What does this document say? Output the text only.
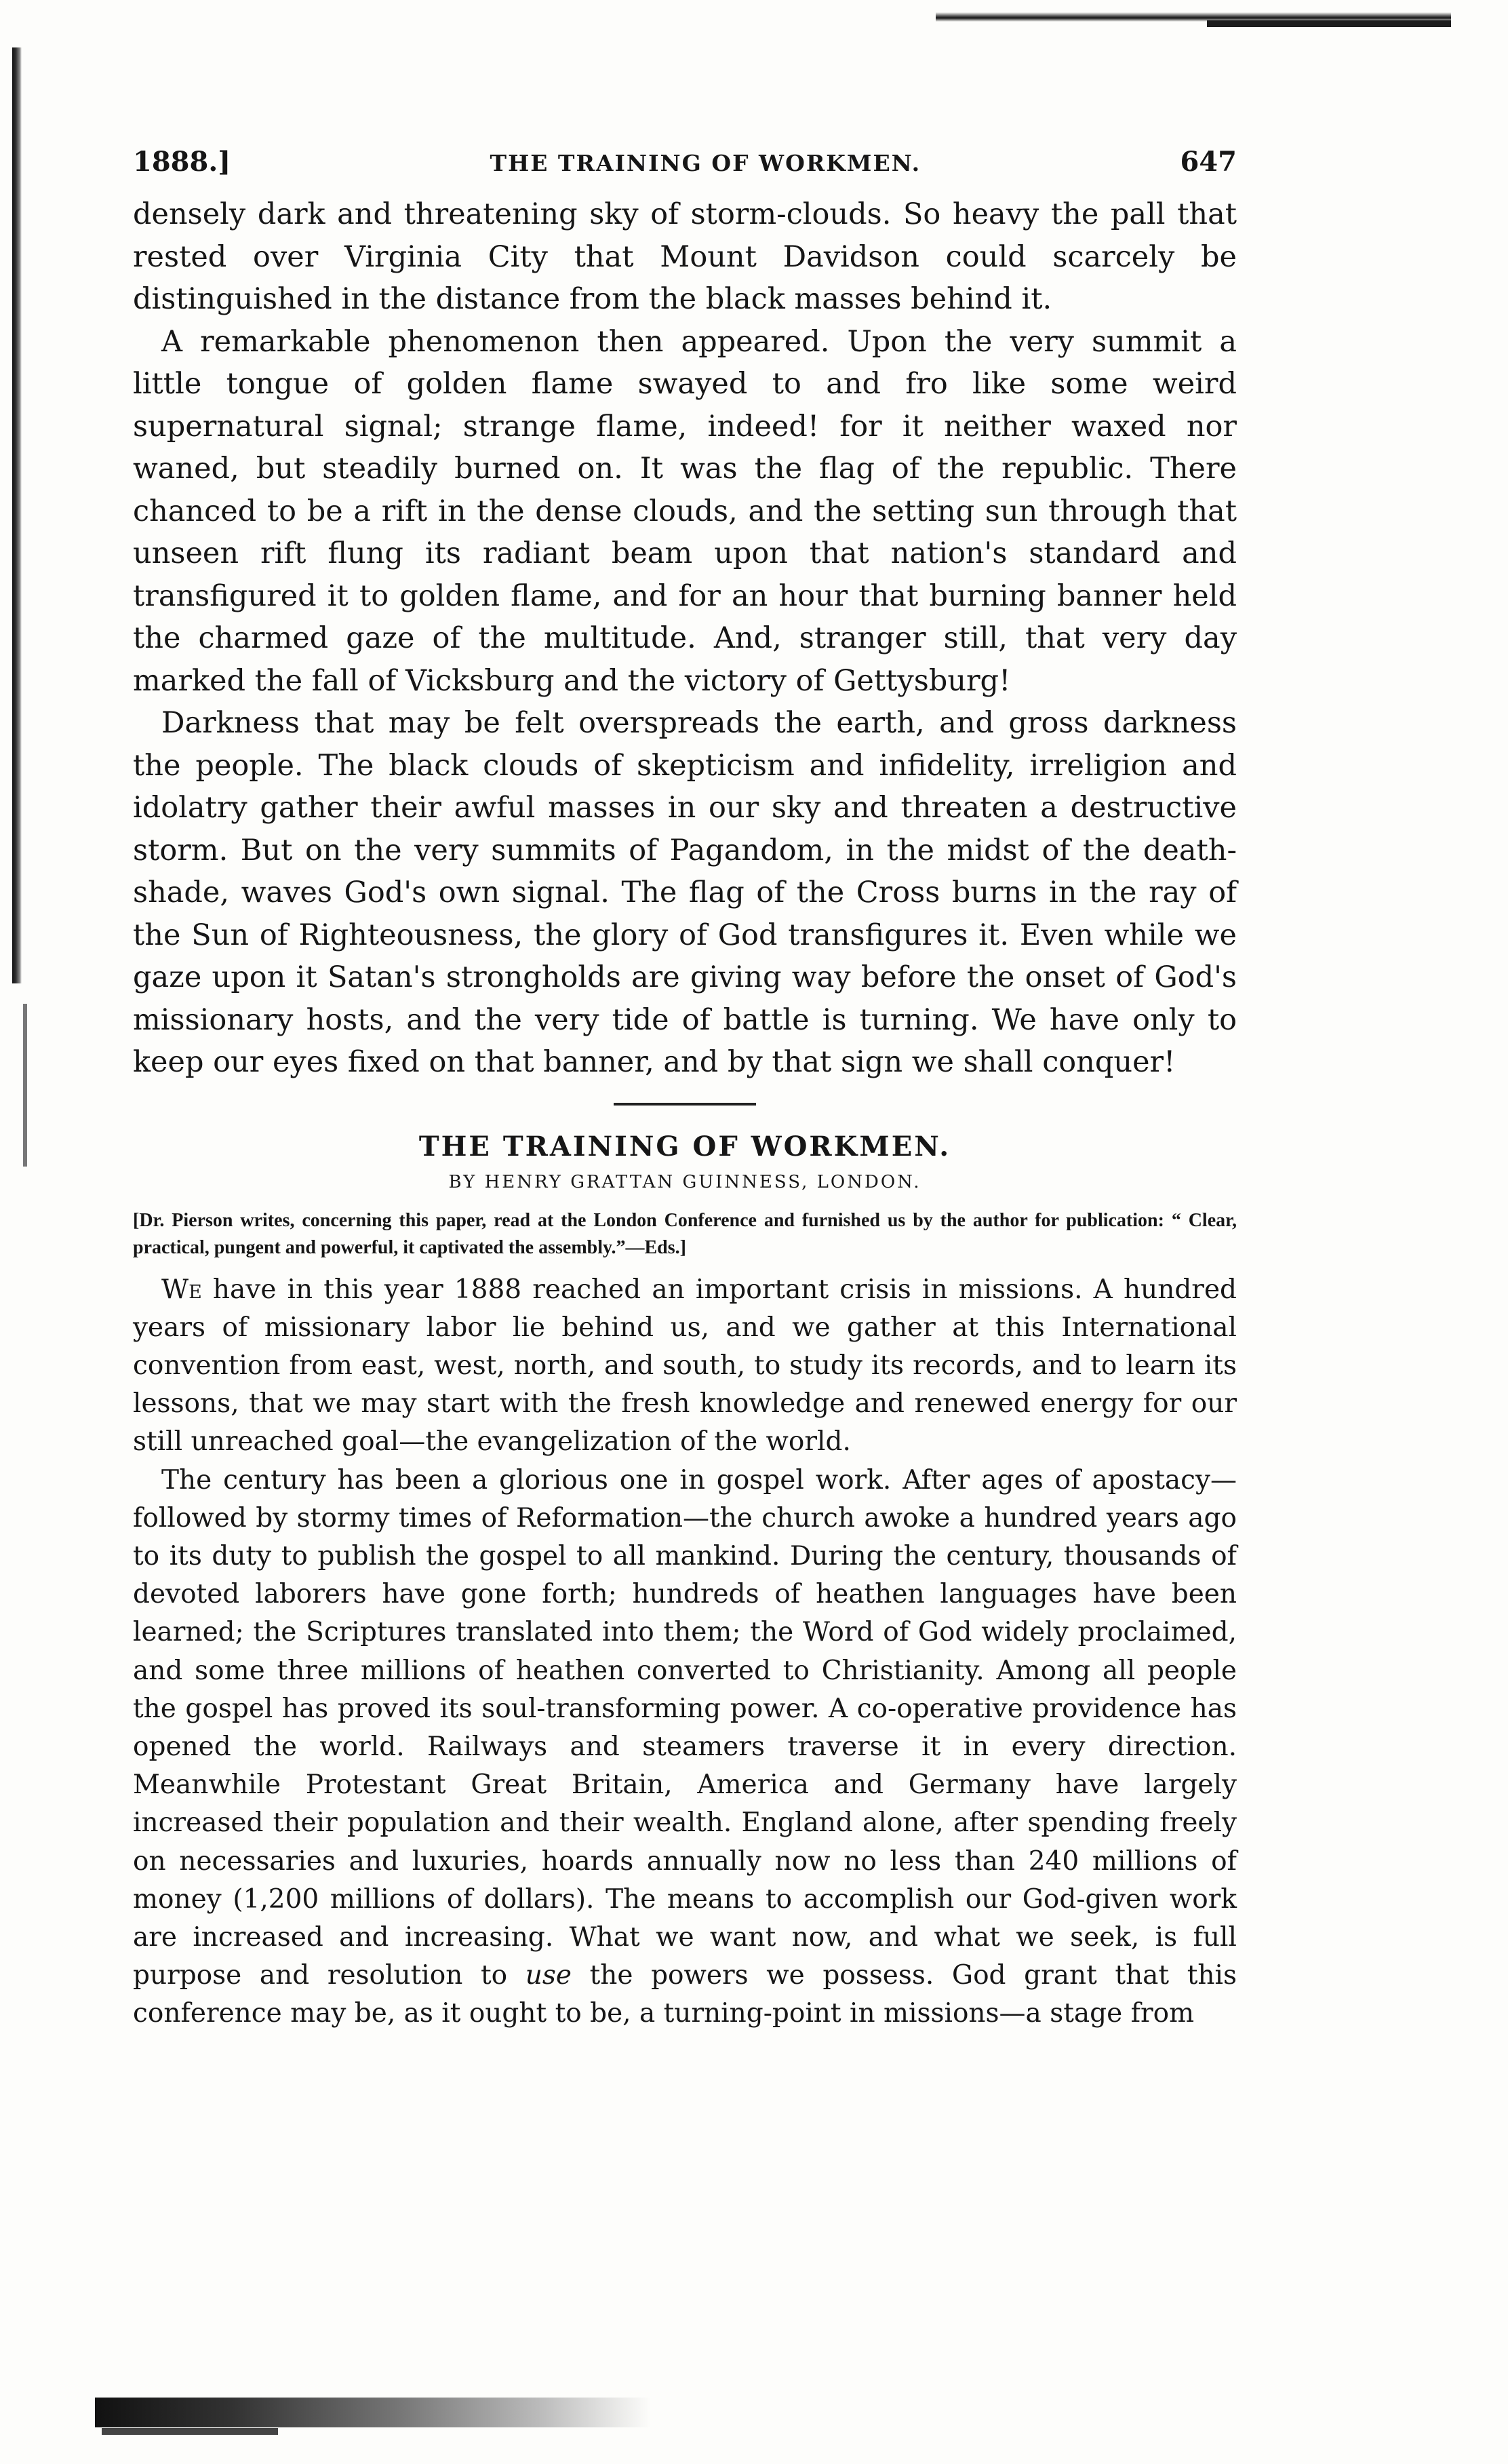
1888.]	THE TRAINING OF WORKMEN.	647

densely dark and threatening sky of storm-clouds. So heavy the pall that rested over Virginia City that Mount Davidson could scarcely be distinguished in the distance from the black masses behind it.

A remarkable phenomenon then appeared. Upon the very summit a little tongue of golden flame swayed to and fro like some weird supernatural signal; strange flame, indeed! for it neither waxed nor waned, but steadily burned on. It was the flag of the republic. There chanced to be a rift in the dense clouds, and the setting sun through that unseen rift flung its radiant beam upon that nation's standard and transfigured it to golden flame, and for an hour that burning banner held the charmed gaze of the multitude. And, stranger still, that very day marked the fall of Vicksburg and the victory of Gettysburg!

Darkness that may be felt overspreads the earth, and gross darkness the people. The black clouds of skepticism and infidelity, irreligion and idolatry gather their awful masses in our sky and threaten a destructive storm. But on the very summits of Pagandom, in the midst of the death-shade, waves God's own signal. The flag of the Cross burns in the ray of the Sun of Righteousness, the glory of God transfigures it. Even while we gaze upon it Satan's strongholds are giving way before the onset of God's missionary hosts, and the very tide of battle is turning. We have only to keep our eyes fixed on that banner, and by that sign we shall conquer!

THE TRAINING OF WORKMEN.
BY HENRY GRATTAN GUINNESS, LONDON.

[Dr. Pierson writes, concerning this paper, read at the London Conference and furnished us by the author for publication: “ Clear, practical, pungent and powerful, it captivated the assembly.”—Eds.]

We have in this year 1888 reached an important crisis in missions. A hundred years of missionary labor lie behind us, and we gather at this International convention from east, west, north, and south, to study its records, and to learn its lessons, that we may start with the fresh knowledge and renewed energy for our still unreached goal—the evangelization of the world.

The century has been a glorious one in gospel work. After ages of apostacy—followed by stormy times of Reformation—the church awoke a hundred years ago to its duty to publish the gospel to all mankind. During the century, thousands of devoted laborers have gone forth; hundreds of heathen languages have been learned; the Scriptures translated into them; the Word of God widely proclaimed, and some three millions of heathen converted to Christianity. Among all people the gospel has proved its soul-transforming power. A co-operative providence has opened the world. Railways and steamers traverse it in every direction. Meanwhile Protestant Great Britain, America and Germany have largely increased their population and their wealth. England alone, after spending freely on necessaries and luxuries, hoards annually now no less than 240 millions of money (1,200 millions of dollars). The means to accomplish our God-given work are increased and increasing. What we want now, and what we seek, is full purpose and resolution to use the powers we possess. God grant that this conference may be, as it ought to be, a turning-point in missions—a stage from
